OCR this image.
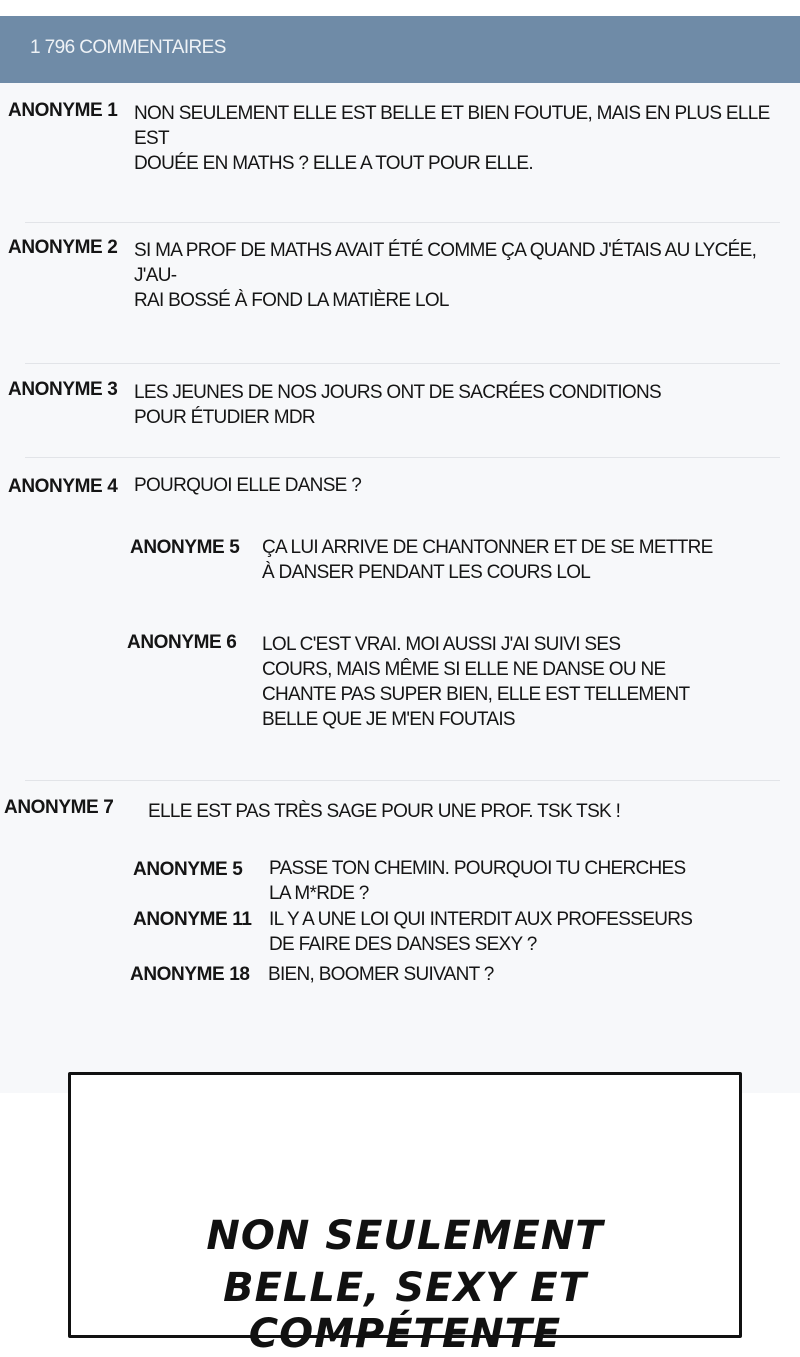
1 796 COMMENTAIRES
ANONYME 1 NON SEULEMENT ELLE EST BELLE ET BIEN FOUTUE, MAIS EN PLUS ELLE EST
DOUÉE EN MATHS ? ELLE A TOUT POUR ELLE.
ANONYME 2 SI MA PROF DE MATHS AVAIT ÉTÉ COMME ÇA QUAND J'ÉTAIS AU LYCÉE, J'AU-
RAI BOSSÉ À FOND LA MATIÈRE LOL
ANONYME 3 LES JEUNES DE NOS JOURS ONT DE SACRÉES CONDITIONS
POUR ÉTUDIER MDR
ANONYME 4 POURQUOI ELLE DANSE ?
ANONYME 5 ÇA LUI ARRIVE DE CHANTONNER ET DE SE METTRE
À DANSER PENDANT LES COURS LOL
ANONYME 6 LOL C'EST VRAI. MOI AUSSI J'AI SUIVI SES
COURS, MAIS MÊME SI ELLE NE DANSE OU NE
CHANTE PAS SUPER BIEN, ELLE EST TELLEMENT
BELLE QUE JE M'EN FOUTAIS
ANONYME 7 ELLE EST PAS TRÈS SAGE POUR UNE PROF. TSK TSK !
ANONYME 5 PASSE TON CHEMIN. POURQUOI TU CHERCHES
LA M*RDE ?
ANONYME 11 IL Y A UNE LOI QUI INTERDIT AUX PROFESSEURS
DE FAIRE DES DANSES SEXY ?
ANONYME 18 BIEN, BOOMER SUIVANT ?
NON SEULEMENT
BELLE, SEXY ET COMPÉTENTE
